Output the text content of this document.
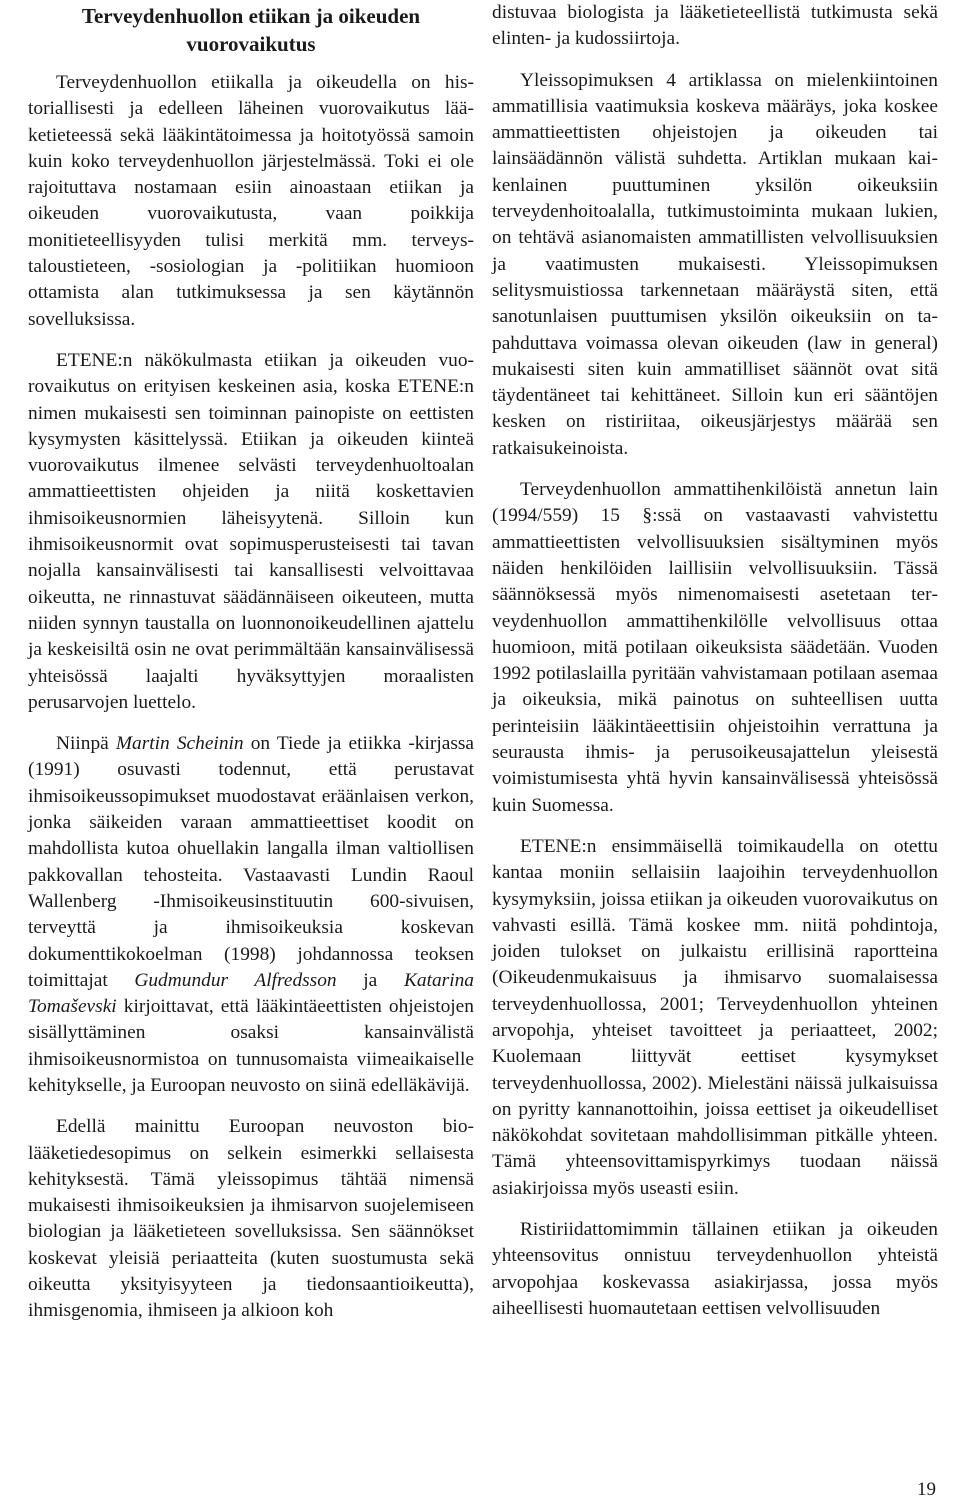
Terveydenhuollon etiikan ja oikeuden vuorovaikutus

Terveydenhuollon etiikalla ja oikeudella on historiallisesti ja edelleen läheinen vuorovaikutus lääketieteessä sekä lääkintätoimessa ja hoitotyössä samoin kuin koko terveydenhuollon järjestelmässä. Toki ei ole rajoituttava nostamaan esiin ainoastaan etiikan ja oikeuden vuorovaikutusta, vaan poikkija monitieteellisyyden tulisi merkitä mm. terveystaloustieteen, -sosiologian ja -politiikan huomioon ottamista alan tutkimuksessa ja sen käytännön sovelluksissa.

ETENE:n näkökulmasta etiikan ja oikeuden vuorovaikutus on erityisen keskeinen asia, koska ETENE:n nimen mukaisesti sen toiminnan painopiste on eettisten kysymysten käsittelyssä. Etiikan ja oikeuden kiinteä vuorovaikutus ilmenee selvästi terveydenhuoltoalan ammattieettisten ohjeiden ja niitä koskettavien ihmisoikeusnormien läheisyytenä. Silloin kun ihmisoikeusnormit ovat sopimusperusteisesti tai tavan nojalla kansainvälisesti tai kansallisesti velvoittavaa oikeutta, ne rinnastuvat säädännäiseen oikeuteen, mutta niiden synnyn taustalla on luonnonoikeudellinen ajattelu ja keskeisiltä osin ne ovat perimmältään kansainvälisessä yhteisössä laajalti hyväksyttyjen moraalisten perusarvojen luettelo.

Niinpä Martin Scheinin on Tiede ja etiikka -kirjassa (1991) osuvasti todennut, että perustavat ihmisoikeussopimukset muodostavat eräänlaisen verkon, jonka säikeiden varaan ammattieettiset koodit on mahdollista kutoa ohuellakin langalla ilman valtiollisen pakkovallan tehosteita. Vastaavasti Lundin Raoul Wallenberg -Ihmisoikeusinstituutin 600-sivuisen, terveyttä ja ihmisoikeuksia koskevan dokumenttikokoelman (1998) johdannossa teoksen toimittajat Gudmundur Alfredsson ja Katarina Tomaševski kirjoittavat, että lääkintäeettisten ohjeistojen sisällyttäminen osaksi kansainvälistä ihmisoikeusnormistoa on tunnusomaista viimeaikaiselle kehitykselle, ja Euroopan neuvosto on siinä edelläkävijä.

Edellä mainittu Euroopan neuvoston biolääketiedesopimus on selkein esimerkki sellaisesta kehityksestä. Tämä yleissopimus tähtää nimensä mukaisesti ihmisoikeuksien ja ihmisarvon suojelemiseen biologian ja lääketieteen sovelluksissa. Sen säännökset koskevat yleisiä periaatteita (kuten suostumusta sekä oikeutta yksityisyyteen ja tiedonsaantioikeutta), ihmisgenomia, ihmiseen ja alkioon koh

distuvaa biologista ja lääketieteellistä tutkimusta sekä elinten- ja kudossiirtoja.

Yleissopimuksen 4 artiklassa on mielenkiintoinen ammatillisia vaatimuksia koskeva määräys, joka koskee ammattieettisten ohjeistojen ja oikeuden tai lainsäädännön välistä suhdetta. Artiklan mukaan kaikenlainen puuttuminen yksilön oikeuksiin terveydenhoitoalalla, tutkimustoiminta mukaan lukien, on tehtävä asianomaisten ammatillisten velvollisuuksien ja vaatimusten mukaisesti. Yleissopimuksen selitysmuistiossa tarkennetaan määräystä siten, että sanotunlaisen puuttumisen yksilön oikeuksiin on tapahduttava voimassa olevan oikeuden (law in general) mukaisesti siten kuin ammatilliset säännöt ovat sitä täydentäneet tai kehittäneet. Silloin kun eri sääntöjen kesken on ristiriitaa, oikeusjärjestys määrää sen ratkaisukeinoista.

Terveydenhuollon ammattihenkilöistä annetun lain (1994/559) 15 §:ssä on vastaavasti vahvistettu ammattieettisten velvollisuuksien sisältyminen myös näiden henkilöiden laillisiin velvollisuuksiin. Tässä säännöksessä myös nimenomaisesti asetetaan terveydenhuollon ammattihenkilölle velvollisuus ottaa huomioon, mitä potilaan oikeuksista säädetään. Vuoden 1992 potilaslailla pyritään vahvistamaan potilaan asemaa ja oikeuksia, mikä painotus on suhteellisen uutta perinteisiin lääkintäeettisiin ohjeistoihin verrattuna ja seurausta ihmis- ja perusoikeusajattelun yleisestä voimistumisesta yhtä hyvin kansainvälisessä yhteisössä kuin Suomessa.

ETENE:n ensimmäisellä toimikaudella on otettu kantaa moniin sellaisiin laajoihin terveydenhuollon kysymyksiin, joissa etiikan ja oikeuden vuorovaikutus on vahvasti esillä. Tämä koskee mm. niitä pohdintoja, joiden tulokset on julkaistu erillisinä raportteina (Oikeudenmukaisuus ja ihmisarvo suomalaisessa terveydenhuollossa, 2001; Terveydenhuollon yhteinen arvopohja, yhteiset tavoitteet ja periaatteet, 2002; Kuolemaan liittyvät eettiset kysymykset terveydenhuollossa, 2002). Mielestäni näissä julkaisuissa on pyritty kannanottoihin, joissa eettiset ja oikeudelliset näkökohdat sovitetaan mahdollisimman pitkälle yhteen. Tämä yhteensovittamispyrkimys tuodaan näissä asiakirjoissa myös useasti esiin.

Ristiriidattomimmin tällainen etiikan ja oikeuden yhteensovitus onnistuu terveydenhuollon yhteistä arvopohjaa koskevassa asiakirjassa, jossa myös aiheellisesti huomautetaan eettisen velvollisuuden

19
